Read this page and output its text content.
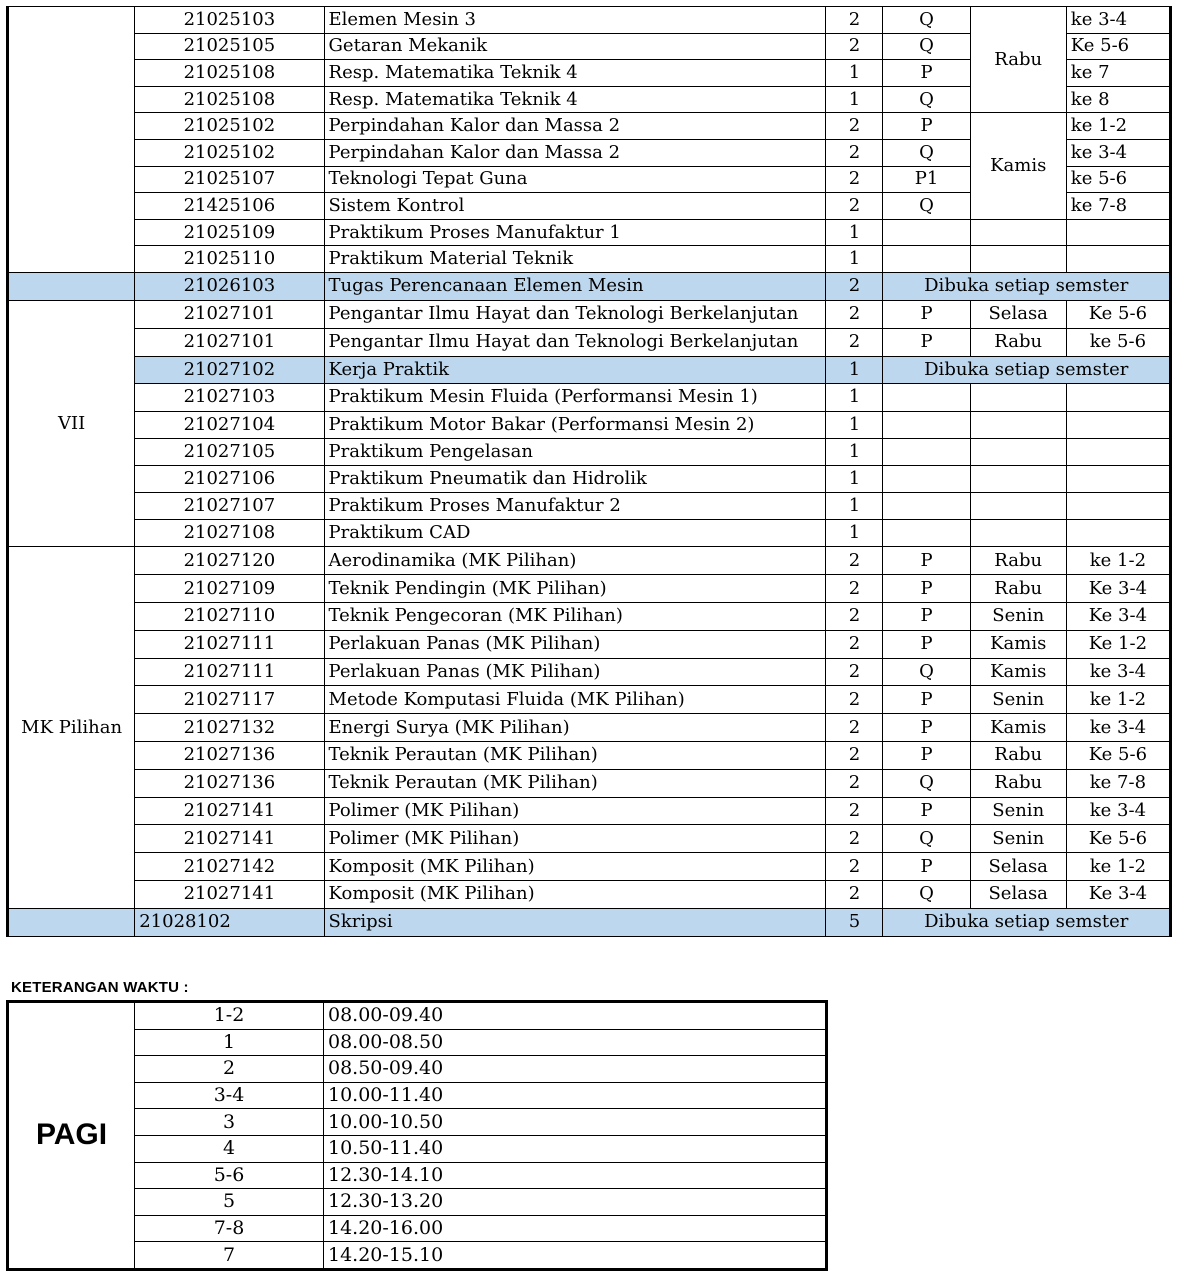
	21025103	Elemen Mesin 3	2	Q	Rabu	ke 3-4
	21025105	Getaran Mekanik	2	Q		Ke 5-6
	21025108	Resp. Matematika Teknik 4	1	P		ke 7
	21025108	Resp. Matematika Teknik 4	1	Q		ke 8
	21025102	Perpindahan Kalor dan Massa 2	2	P	Kamis	ke 1-2
	21025102	Perpindahan Kalor dan Massa 2	2	Q		ke 3-4
	21025107	Teknologi Tepat Guna	2	P1		ke 5-6
	21425106	Sistem Kontrol	2	Q		ke 7-8
	21025109	Praktikum Proses Manufaktur 1	1			
	21025110	Praktikum Material Teknik	1			
	21026103	Tugas Perencanaan Elemen Mesin	2	Dibuka setiap semster		
VII	21027101	Pengantar Ilmu Hayat dan Teknologi Berkelanjutan	2	P	Selasa	Ke 5-6
	21027101	Pengantar Ilmu Hayat dan Teknologi Berkelanjutan	2	P	Rabu	ke 5-6
	21027102	Kerja Praktik	1	Dibuka setiap semster		
	21027103	Praktikum Mesin Fluida (Performansi Mesin 1)	1			
	21027104	Praktikum Motor Bakar (Performansi Mesin 2)	1			
	21027105	Praktikum Pengelasan	1			
	21027106	Praktikum Pneumatik dan Hidrolik	1			
	21027107	Praktikum Proses Manufaktur 2	1			
	21027108	Praktikum CAD	1			
MK Pilihan	21027120	Aerodinamika (MK Pilihan)	2	P	Rabu	ke 1-2
	21027109	Teknik Pendingin (MK Pilihan)	2	P	Rabu	Ke 3-4
	21027110	Teknik Pengecoran (MK Pilihan)	2	P	Senin	Ke 3-4
	21027111	Perlakuan Panas (MK Pilihan)	2	P	Kamis	Ke 1-2
	21027111	Perlakuan Panas (MK Pilihan)	2	Q	Kamis	ke 3-4
	21027117	Metode Komputasi Fluida (MK Pilihan)	2	P	Senin	ke 1-2
	21027132	Energi Surya (MK Pilihan)	2	P	Kamis	ke 3-4
	21027136	Teknik Perautan (MK Pilihan)	2	P	Rabu	Ke 5-6
	21027136	Teknik Perautan (MK Pilihan)	2	Q	Rabu	ke 7-8
	21027141	Polimer (MK Pilihan)	2	P	Senin	ke 3-4
	21027141	Polimer (MK Pilihan)	2	Q	Senin	Ke 5-6
	21027142	Komposit (MK Pilihan)	2	P	Selasa	ke 1-2
	21027141	Komposit (MK Pilihan)	2	Q	Selasa	Ke 3-4
	21028102	Skripsi	5	Dibuka setiap semster		
KETERANGAN WAKTU :
PAGI	1-2	08.00-09.40
	1	08.00-08.50
	2	08.50-09.40
	3-4	10.00-11.40
	3	10.00-10.50
	4	10.50-11.40
	5-6	12.30-14.10
	5	12.30-13.20
	7-8	14.20-16.00
	7	14.20-15.10
